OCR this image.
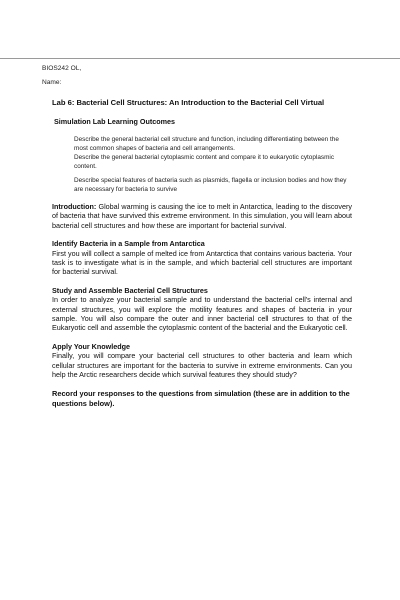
BIOS242 OL,
Name:

Lab 6: Bacterial Cell Structures: An Introduction to the Bacterial Cell Virtual

Simulation Lab Learning Outcomes

Describe the general bacterial cell structure and function, including differentiating between the
most common shapes of bacteria and cell arrangements.
Describe the general bacterial cytoplasmic content and compare it to eukaryotic cytoplasmic content.
Describe special features of bacteria such as plasmids, flagella or inclusion bodies and how they are necessary for bacteria to survive

Introduction: Global warming is causing the ice to melt in Antarctica, leading to the discovery of bacteria that have survived this extreme environment. In this simulation, you will learn about bacterial cell structures and how these are important for bacterial survival.

Identify Bacteria in a Sample from Antarctica
First you will collect a sample of melted ice from Antarctica that contains various bacteria. Your task is to investigate what is in the sample, and which bacterial cell structures are important for bacterial survival.
Study and Assemble Bacterial Cell Structures
In order to analyze your bacterial sample and to understand the bacterial cell's internal and external structures, you will explore the motility features and shapes of bacteria in your sample. You will also compare the outer and inner bacterial cell structures to that of the Eukaryotic cell and assemble the cytoplasmic content of the bacterial and the Eukaryotic cell.
Apply Your Knowledge
Finally, you will compare your bacterial cell structures to other bacteria and learn which cellular structures are important for the bacteria to survive in extreme environments. Can you help the Arctic researchers decide which survival features they should study?
Record your responses to the questions from simulation (these are in addition to the questions below).
